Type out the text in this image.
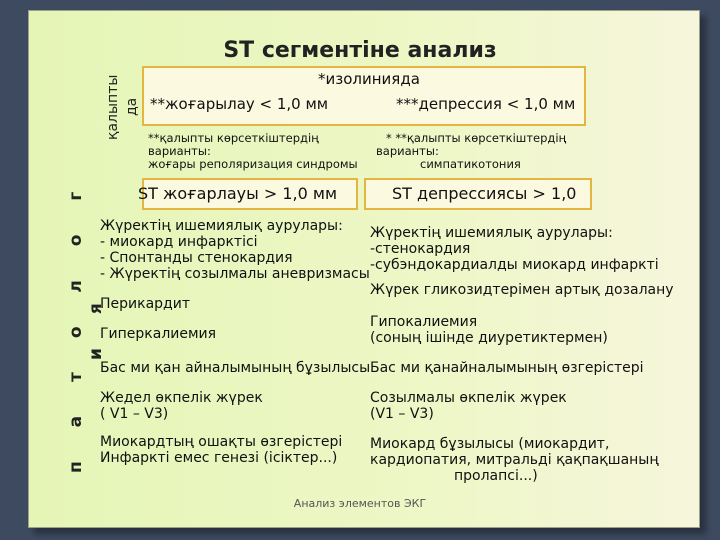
ST сегментіне анализ
қалыпты да
п а т о л о г и я
*изолинияда
**жоғарылау < 1,0 мм	***депрессия < 1,0 мм
**қалыпты көрсеткіштердің
варианты:
жоғары реполяризация синдромы
* **қалыпты көрсеткіштердің
варианты:
симпатикотония
ST жоғарлауы > 1,0 мм	ST депрессиясы > 1,0
Жүректің ишемиялық аурулары:
- миокард инфарктісі
- Спонтанды стенокардия
- Жүректің созылмалы аневризмасы
Перикардит
Гиперкалиемия
Бас ми қан айналымының бұзылысы
Жедел өкпелік жүрек
( V1 – V3)
Миокардтың ошақты өзгерістері
Инфаркті емес генезі (ісіктер...)
Жүректің ишемиялық аурулары:
-стенокардия
-субэндокардиалды миокард инфаркті
Жүрек гликозидтерімен артық дозалану
Гипокалиемия
(соның ішінде диуретиктермен)
Бас ми қанайналымының өзгерістері
Созылмалы өкпелік жүрек
(V1 – V3)
Миокард бұзылысы (миокардит,
кардиопатия, митральді қақпақшаның
пролапсі...)
Анализ элементов ЭКГ
